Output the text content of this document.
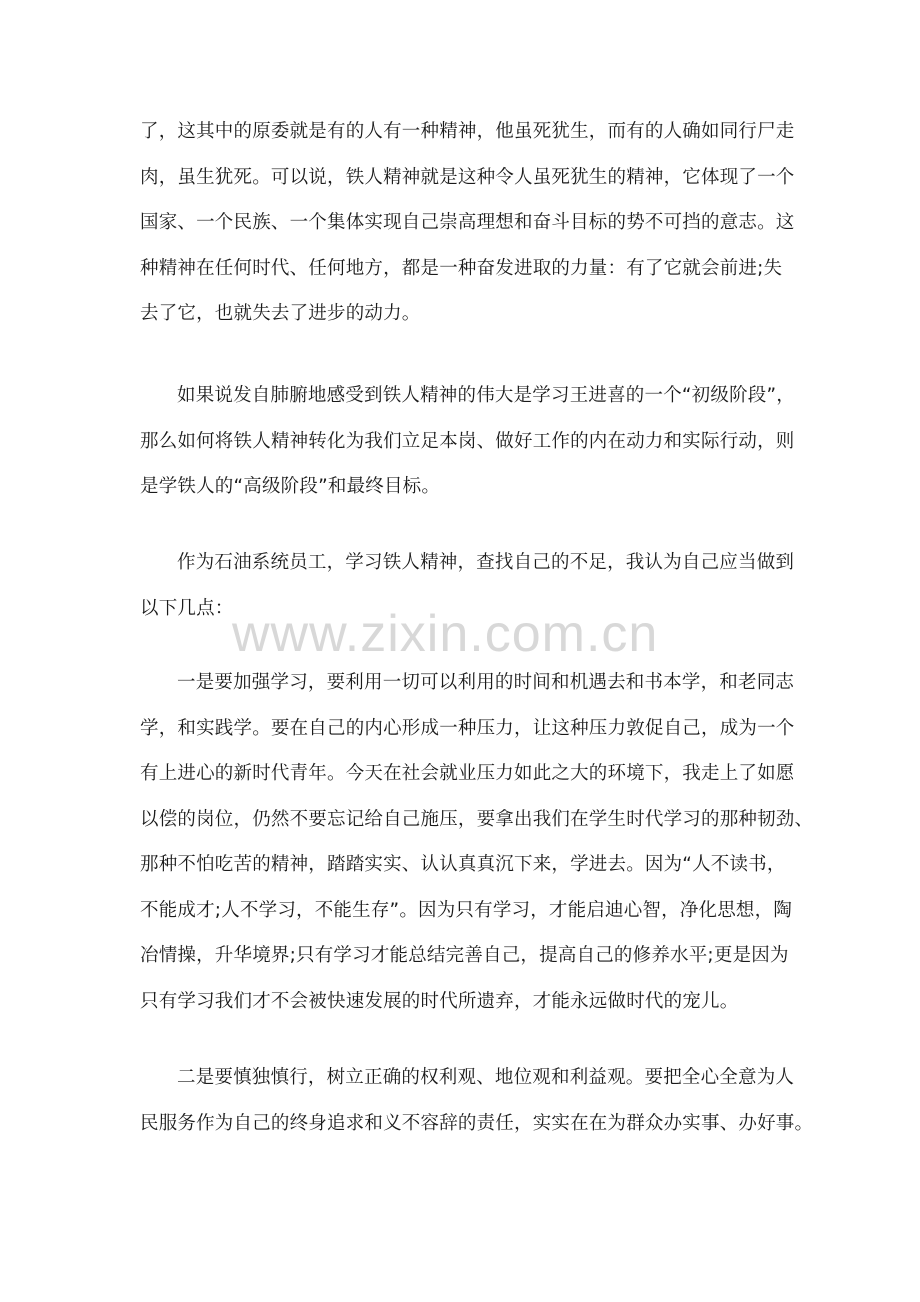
了，这其中的原委就是有的人有一种精神，他虽死犹生，而有的人确如同行尸走
肉，虽生犹死。可以说，铁人精神就是这种令人虽死犹生的精神，它体现了一个
国家、一个民族、一个集体实现自己崇高理想和奋斗目标的势不可挡的意志。这
种精神在任何时代、任何地方，都是一种奋发进取的力量：有了它就会前进;失
去了它，也就失去了进步的动力。
如果说发自肺腑地感受到铁人精神的伟大是学习王进喜的一个“初级阶段”，
那么如何将铁人精神转化为我们立足本岗、做好工作的内在动力和实际行动，则
是学铁人的“高级阶段”和最终目标。
作为石油系统员工，学习铁人精神，查找自己的不足，我认为自己应当做到
以下几点：
一是要加强学习，要利用一切可以利用的时间和机遇去和书本学，和老同志
学，和实践学。要在自己的内心形成一种压力，让这种压力敦促自己，成为一个
有上进心的新时代青年。今天在社会就业压力如此之大的环境下，我走上了如愿
以偿的岗位，仍然不要忘记给自己施压，要拿出我们在学生时代学习的那种韧劲、
那种不怕吃苦的精神，踏踏实实、认认真真沉下来，学进去。因为“人不读书，
不能成才;人不学习，不能生存”。因为只有学习，才能启迪心智，净化思想，陶
冶情操，升华境界;只有学习才能总结完善自己，提高自己的修养水平;更是因为
只有学习我们才不会被快速发展的时代所遗弃，才能永远做时代的宠儿。
二是要慎独慎行，树立正确的权利观、地位观和利益观。要把全心全意为人
民服务作为自己的终身追求和义不容辞的责任，实实在在为群众办实事、办好事。
www.zixin.com.cn
